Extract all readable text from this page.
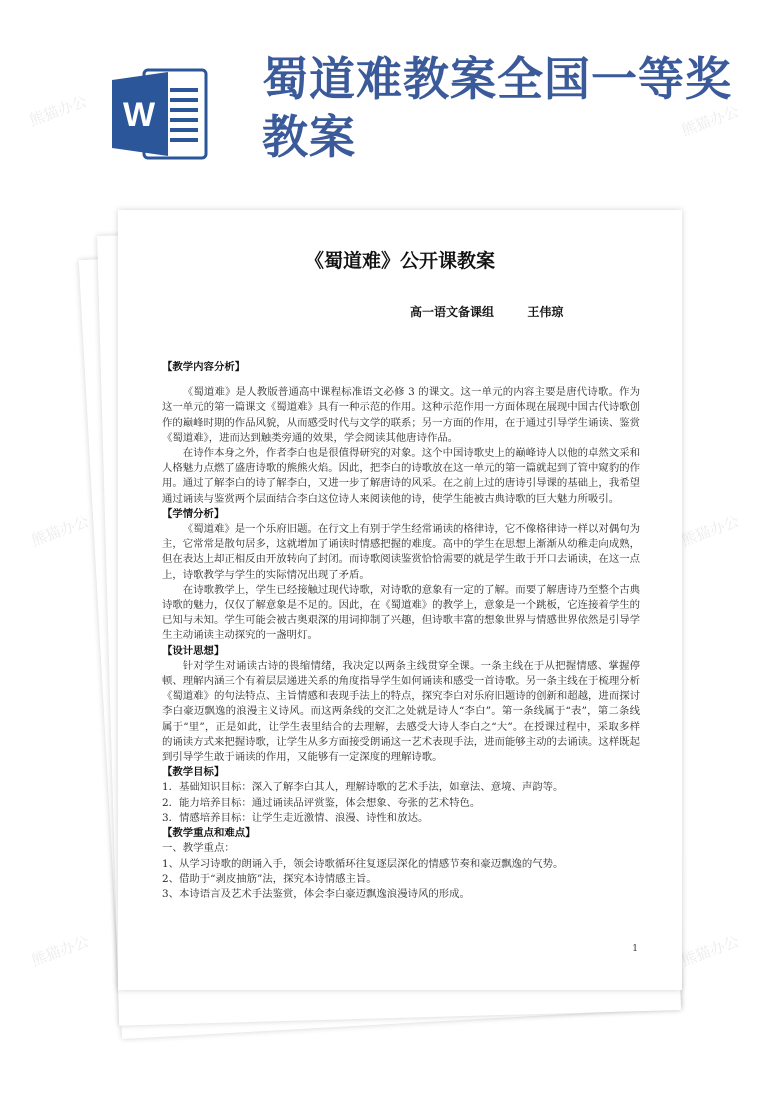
W
蜀道难教案全国一等奖教案
熊猫办公	熊猫办公
熊猫办公	熊猫办公
熊猫办公	熊猫办公
《蜀道难》公开课教案
高一语文备课组        王伟琼
【教学内容分析】

《蜀道难》是人教版普通高中课程标准语文必修 3 的课文。这一单元的内容主要是唐代诗歌。作为这一单元的第一篇课文《蜀道难》具有一种示范的作用。这种示范作用一方面体现在展现中国古代诗歌创作的巅峰时期的作品风貌，从而感受时代与文学的联系；另一方面的作用，在于通过引导学生诵读、鉴赏《蜀道难》，进而达到触类旁通的效果，学会阅读其他唐诗作品。

在诗作本身之外，作者李白也是很值得研究的对象。这个中国诗歌史上的巅峰诗人以他的卓然文采和人格魅力点燃了盛唐诗歌的熊熊火焰。因此，把李白的诗歌放在这一单元的第一篇就起到了管中窥豹的作用。通过了解李白的诗了解李白，又进一步了解唐诗的风采。在之前上过的唐诗引导课的基础上，我希望通过诵读与鉴赏两个层面结合李白这位诗人来阅读他的诗，使学生能被古典诗歌的巨大魅力所吸引。

【学情分析】

《蜀道难》是一个乐府旧题。在行文上有别于学生经常诵读的格律诗，它不像格律诗一样以对偶句为主，它常常是散句居多，这就增加了诵读时情感把握的难度。高中的学生在思想上渐渐从幼稚走向成熟，但在表达上却正相反由开放转向了封闭。而诗歌阅读鉴赏恰恰需要的就是学生敢于开口去诵读，在这一点上，诗歌教学与学生的实际情况出现了矛盾。

在诗歌教学上，学生已经接触过现代诗歌，对诗歌的意象有一定的了解。而要了解唐诗乃至整个古典诗歌的魅力，仅仅了解意象是不足的。因此，在《蜀道难》的教学上，意象是一个跳板，它连接着学生的已知与未知。学生可能会被古奥艰深的用词抑制了兴趣，但诗歌丰富的想象世界与情感世界依然是引导学生主动诵读主动探究的一盏明灯。

【设计思想】

针对学生对诵读古诗的畏缩情绪，我决定以两条主线贯穿全课。一条主线在于从把握情感、掌握停顿、理解内涵三个有着层层递进关系的角度指导学生如何诵读和感受一首诗歌。另一条主线在于梳理分析《蜀道难》的句法特点、主旨情感和表现手法上的特点，探究李白对乐府旧题诗的创新和超越，进而探讨李白豪迈飘逸的浪漫主义诗风。而这两条线的交汇之处就是诗人“李白”。第一条线属于“表”，第二条线属于“里”，正是如此，让学生表里结合的去理解，去感受大诗人李白之“大”。在授课过程中，采取多样的诵读方式来把握诗歌，让学生从多方面接受朗诵这一艺术表现手法，进而能够主动的去诵读。这样既起到引导学生敢于诵读的作用，又能够有一定深度的理解诗歌。

【教学目标】
1．基础知识目标：深入了解李白其人，理解诗歌的艺术手法，如章法、意境、声韵等。
2．能力培养目标：通过诵读品评赏鉴，体会想象、夸张的艺术特色。
3．情感培养目标：让学生走近激情、浪漫、诗性和放达。
【教学重点和难点】
一、教学重点：
1、从学习诗歌的朗诵入手，领会诗歌循环往复逐层深化的情感节奏和豪迈飘逸的气势。
2、借助于“剥皮抽筋”法，探究本诗情感主旨。
3、本诗语言及艺术手法鉴赏，体会李白豪迈飘逸浪漫诗风的形成。
1
